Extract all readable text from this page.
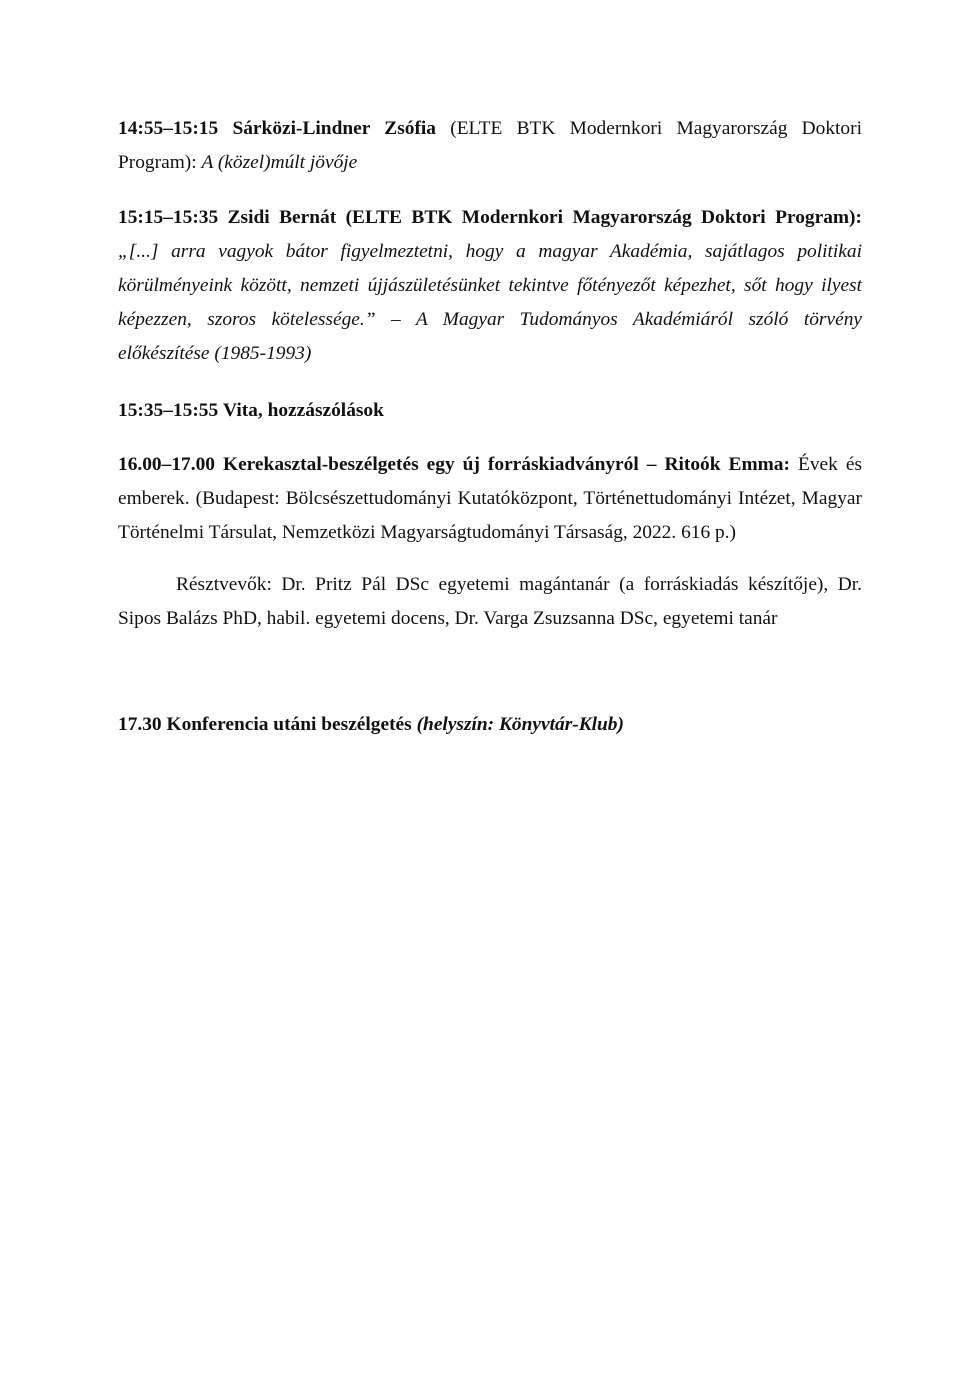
14:55–15:15 Sárközi-Lindner Zsófia (ELTE BTK Modernkori Magyarország Doktori Program): A (közel)múlt jövője

15:15–15:35 Zsidi Bernát (ELTE BTK Modernkori Magyarország Doktori Program): „[...] arra vagyok bátor figyelmeztetni, hogy a magyar Akadémia, sajátlagos politikai körülményeink között, nemzeti újjászületésünket tekintve főtényezőt képezhet, sőt hogy ilyest képezzen, szoros kötelessége.” – A Magyar Tudományos Akadémiáról szóló törvény előkészítése (1985-1993)

15:35–15:55 Vita, hozzászólások

16.00–17.00 Kerekasztal-beszélgetés egy új forráskiadványról – Ritoók Emma: Évek és emberek. (Budapest: Bölcsészettudományi Kutatóközpont, Történettudományi Intézet, Magyar Történelmi Társulat, Nemzetközi Magyarságtudományi Társaság, 2022. 616 p.)

Résztvevők: Dr. Pritz Pál DSc egyetemi magántanár (a forráskiadás készítője), Dr. Sipos Balázs PhD, habil. egyetemi docens, Dr. Varga Zsuzsanna DSc, egyetemi tanár

17.30 Konferencia utáni beszélgetés (helyszín: Könyvtár-Klub)
